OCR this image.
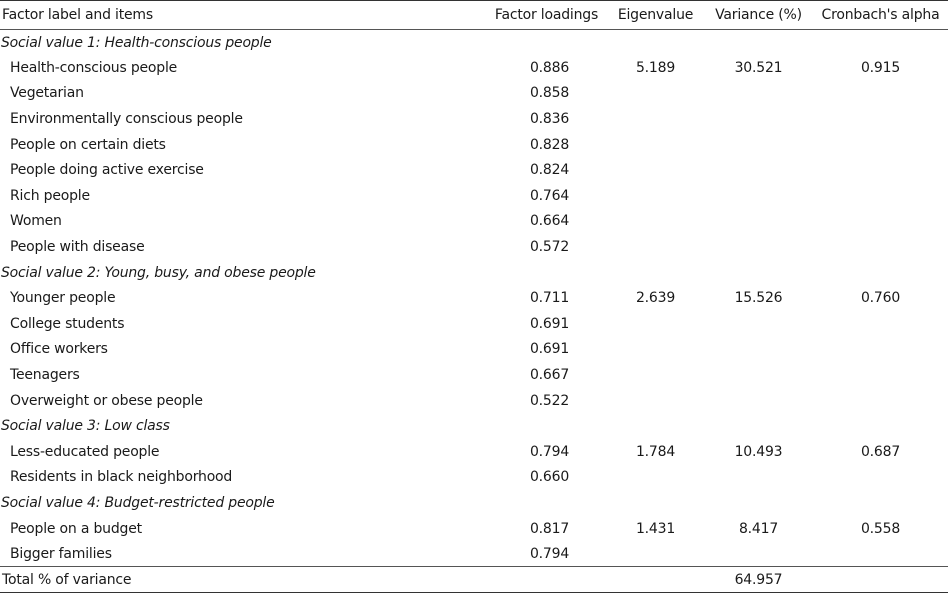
Factor label and items	Factor loadings	Eigenvalue	Variance (%)	Cronbach's alpha
Social value 1: Health-conscious people				
Health-conscious people	0.886	5.189	30.521	0.915
Vegetarian	0.858			
Environmentally conscious people	0.836			
People on certain diets	0.828			
People doing active exercise	0.824			
Rich people	0.764			
Women	0.664			
People with disease	0.572			
Social value 2: Young, busy, and obese people				
Younger people	0.711	2.639	15.526	0.760
College students	0.691			
Office workers	0.691			
Teenagers	0.667			
Overweight or obese people	0.522			
Social value 3: Low class				
Less-educated people	0.794	1.784	10.493	0.687
Residents in black neighborhood	0.660			
Social value 4: Budget-restricted people				
People on a budget	0.817	1.431	8.417	0.558
Bigger families	0.794			
Total % of variance			64.957	
